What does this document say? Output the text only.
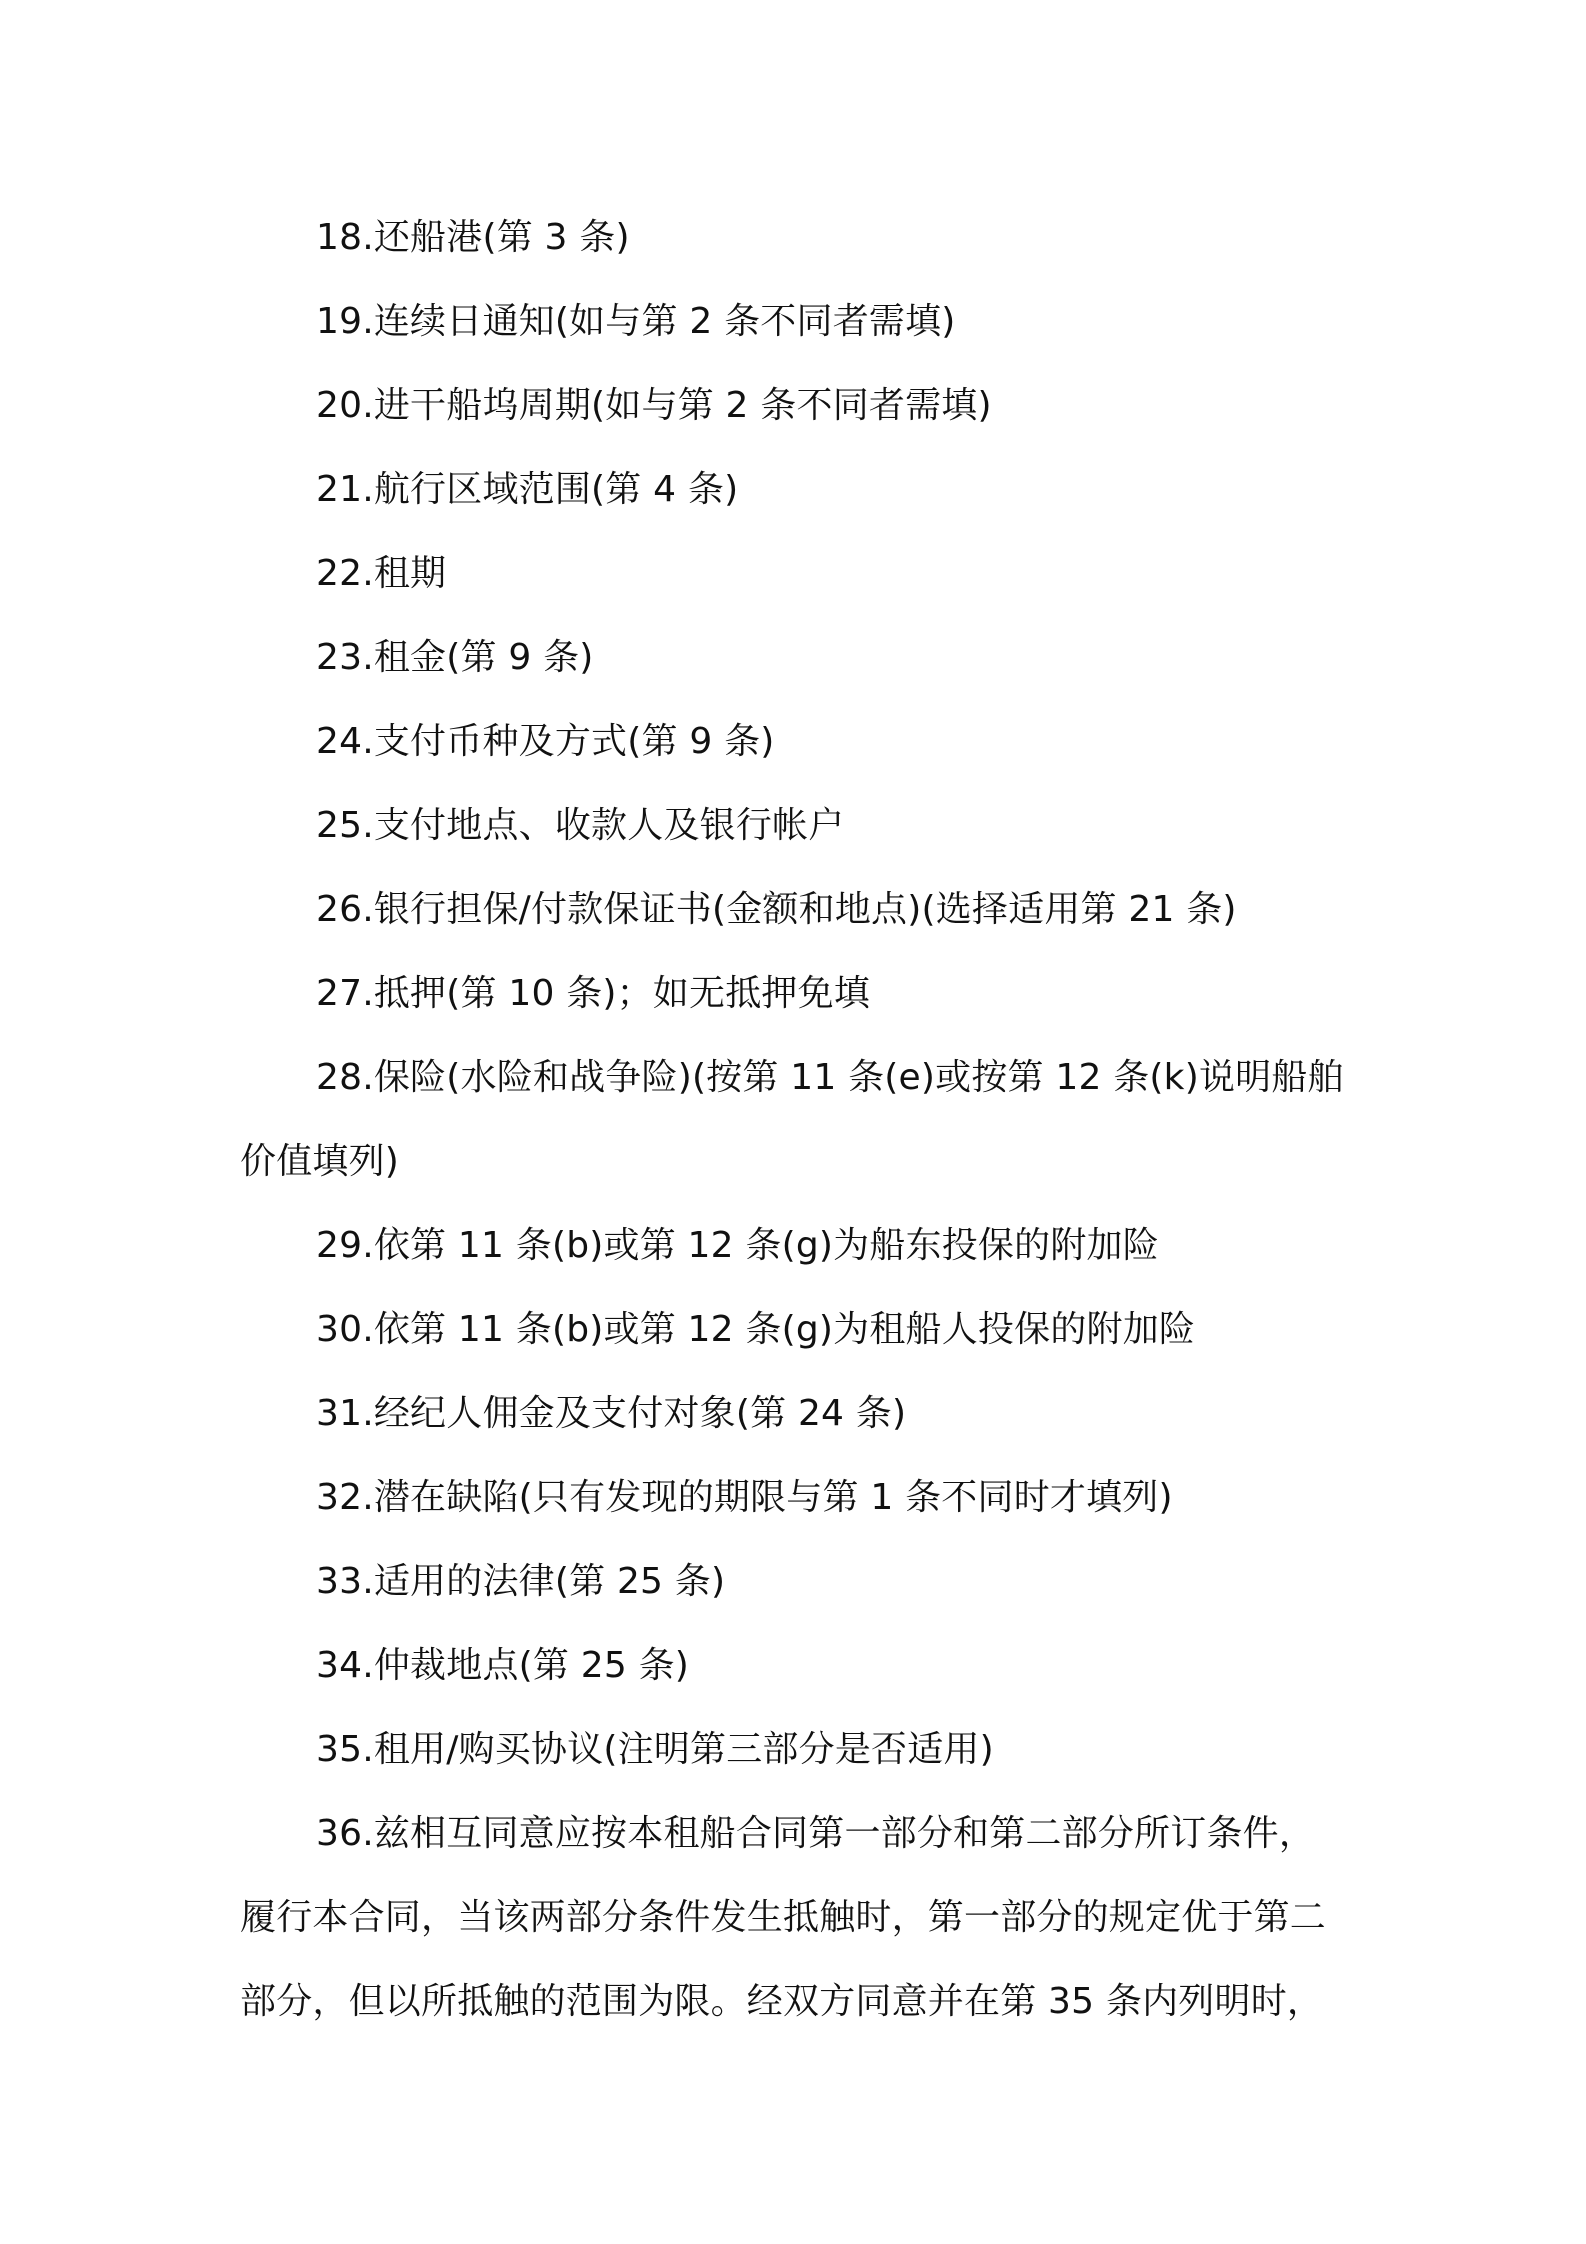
18.还船港(第 3 条)

19.连续日通知(如与第 2 条不同者需填)

20.进干船坞周期(如与第 2 条不同者需填)

21.航行区域范围(第 4 条)

22.租期

23.租金(第 9 条)

24.支付币种及方式(第 9 条)

25.支付地点、收款人及银行帐户

26.银行担保/付款保证书(金额和地点)(选择适用第 21 条)

27.抵押(第 10 条)；如无抵押免填

28.保险(水险和战争险)(按第 11 条(e)或按第 12 条(k)说明船舶价值填列)

29.依第 11 条(b)或第 12 条(g)为船东投保的附加险

30.依第 11 条(b)或第 12 条(g)为租船人投保的附加险

31.经纪人佣金及支付对象(第 24 条)

32.潜在缺陷(只有发现的期限与第 1 条不同时才填列)

33.适用的法律(第 25 条)

34.仲裁地点(第 25 条)

35.租用/购买协议(注明第三部分是否适用)

36.兹相互同意应按本租船合同第一部分和第二部分所订条件，履行本合同，当该两部分条件发生抵触时，第一部分的规定优于第二部分，但以所抵触的范围为限。经双方同意并在第 35 条内列明时，
